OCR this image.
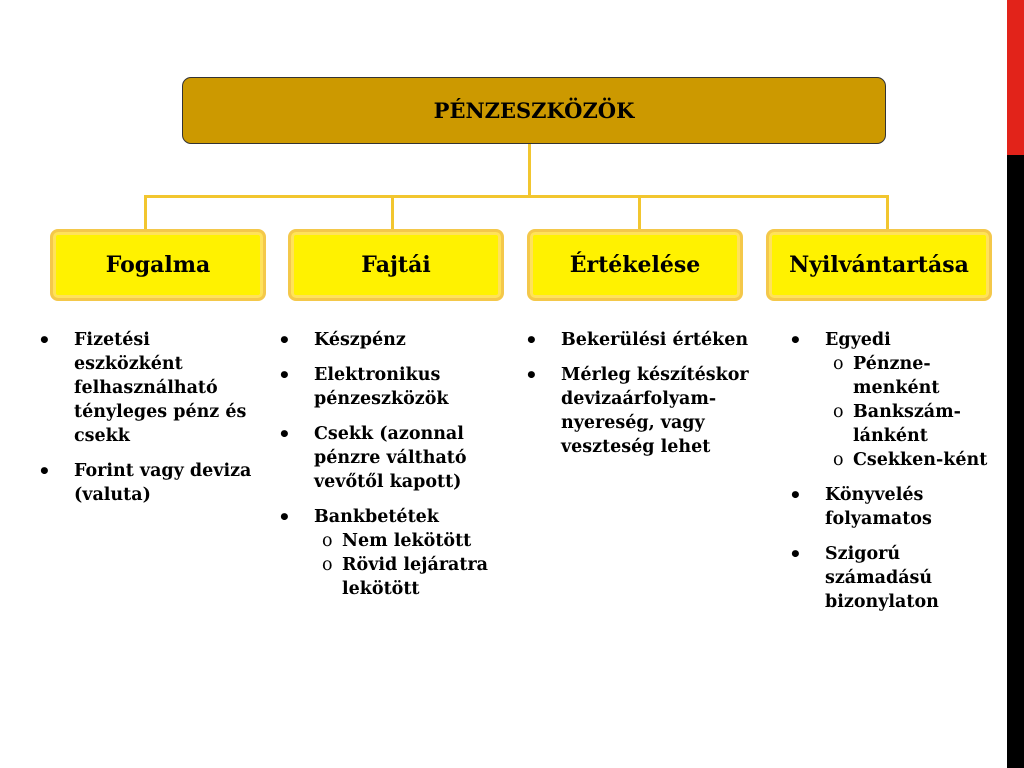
PÉNZESZKÖZÖK
Fogalma	Fajtái	Értékelése	Nyilvántartása
• Fizetési eszközként felhasználható tényleges pénz és csekk
• Forint vagy deviza (valuta)
• Készpénz
• Elektronikus pénzeszközök
• Csekk (azonnal pénzre váltható vevőtől kapott)
• Bankbetétek
o Nem lekötött
o Rövid lejáratra lekötött
• Bekerülési értéken
• Mérleg készítéskor devizaárfolyam-nyereség, vagy veszteség lehet
• Egyedi
o Pénzne-menként
o Bankszám-lánként
o Csekken-ként
• Könyvelés folyamatos
• Szigorú számadású bizonylaton
